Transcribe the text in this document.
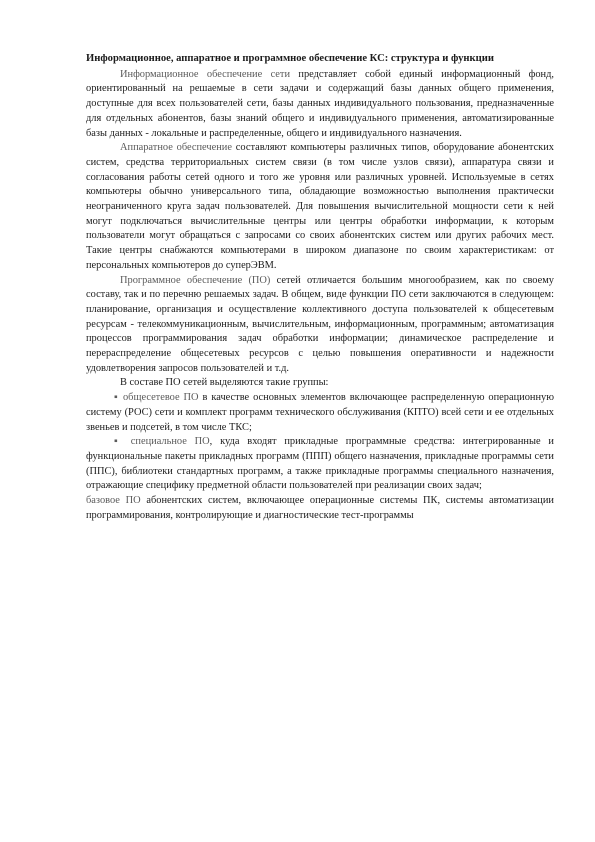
Информационное, аппаратное и программное обеспечение КС: структура и функции

Информационное обеспечение сети представляет собой единый информационный фонд, ориентированный на решаемые в сети задачи и содержащий базы данных общего применения, доступные для всех пользователей сети, базы данных индивидуального пользования, предназначенные для отдельных абонентов, базы знаний общего и индивидуального применения, автоматизированные базы данных - локальные и распределенные, общего и индивидуального назначения.

Аппаратное обеспечение составляют компьютеры различных типов, оборудование абонентских систем, средства территориальных систем связи (в том числе узлов связи), аппаратура связи и согласования работы сетей одного и того же уровня или различных уровней. Используемые в сетях компьютеры обычно универсального типа, обладающие возможностью выполнения практически неограниченного круга задач пользователей. Для повышения вычислительной мощности сети к ней могут подключаться вычислительные центры или центры обработки информации, к которым пользователи могут обращаться с запросами со своих абонентских систем или других рабочих мест. Такие центры снабжаются компьютерами в широком диапазоне по своим характеристикам: от персональных компьютеров до суперЭВМ.

Программное обеспечение (ПО) сетей отличается большим многообразием, как по своему составу, так и по перечню решаемых задач. В общем, виде функции ПО сети заключаются в следующем: планирование, организация и осуществление коллективного доступа пользователей к общесетевым ресурсам - телекоммуникационным, вычислительным, информационным, программным; автоматизация процессов программирования задач обработки информации; динамическое распределение и перераспределение общесетевых ресурсов с целью повышения оперативности и надежности удовлетворения запросов пользователей и т.д.

В составе ПО сетей выделяются такие группы:

▪ общесетевое ПО в качестве основных элементов включающее распределенную операционную систему (РОС) сети и комплект программ технического обслуживания (КПТО) всей сети и ее отдельных звеньев и подсетей, в том числе ТКС;

▪ специальное ПО, куда входят прикладные программные средства: интегрированные и функциональные пакеты прикладных программ (ППП) общего назначения, прикладные программы сети (ППС), библиотеки стандартных программ, а также прикладные программы специального назначения, отражающие специфику предметной области пользователей при реализации своих задач;

базовое ПО абонентских систем, включающее операционные системы ПК, системы автоматизации программирования, контролирующие и диагностические тест-программы
